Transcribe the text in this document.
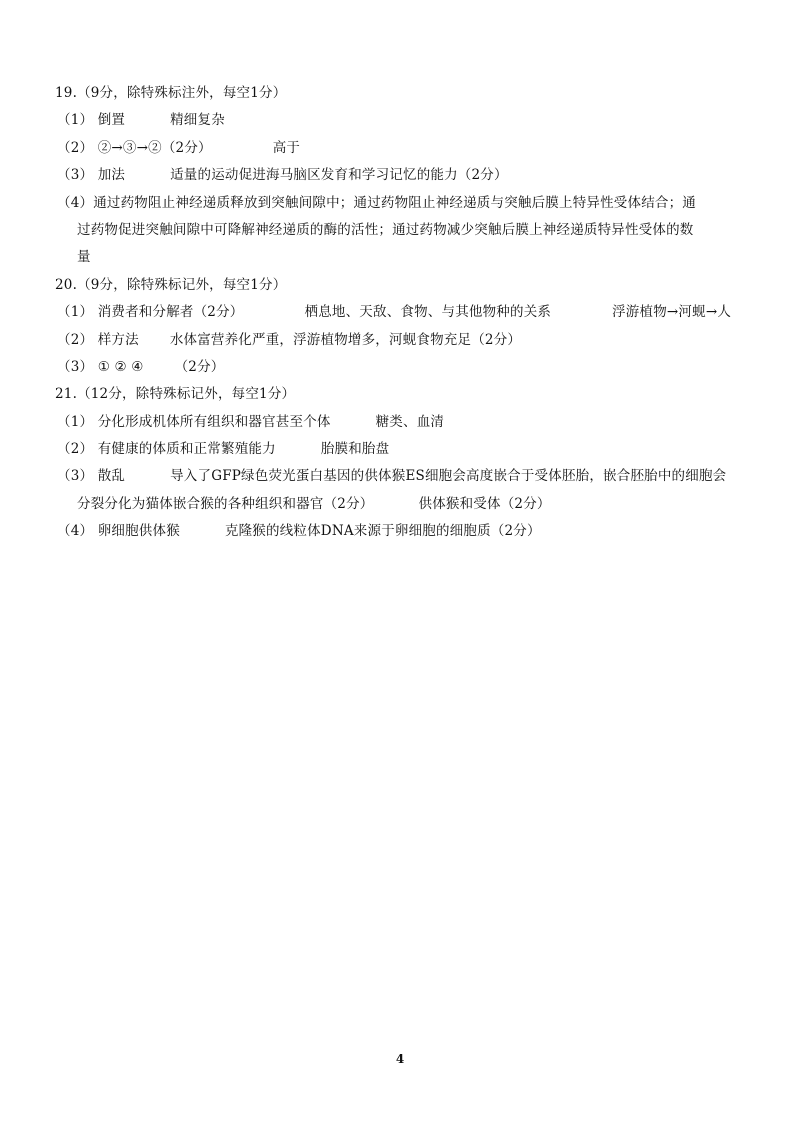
19.（9分，除特殊标注外，每空1分）
（1） 倒置	精细复杂
（2） ②→③→②（2分）	高于
（3） 加法	适量的运动促进海马脑区发育和学习记忆的能力（2分）
（4）通过药物阻止神经递质释放到突触间隙中；通过药物阻止神经递质与突触后膜上特异性受体结合；通
过药物促进突触间隙中可降解神经递质的酶的活性；通过药物减少突触后膜上神经递质特异性受体的数
量
20.（9分，除特殊标记外，每空1分）
（1） 消费者和分解者（2分）	栖息地、天敌、食物、与其他物种的关系	浮游植物→河蚬→人
（2） 样方法 水体富营养化严重，浮游植物增多，河蚬食物充足（2分）
（3） ① ② ④ （2分）
21.（12分，除特殊标记外，每空1分）
（1） 分化形成机体所有组织和器官甚至个体	糖类、血清
（2） 有健康的体质和正常繁殖能力	胎膜和胎盘
（3） 散乱	导入了GFP绿色荧光蛋白基因的供体猴ES细胞会高度嵌合于受体胚胎，嵌合胚胎中的细胞会
分裂分化为猫体嵌合猴的各种组织和器官（2分）	供体猴和受体（2分）
（4） 卵细胞供体猴	克隆猴的线粒体DNA来源于卵细胞的细胞质（2分）
4
